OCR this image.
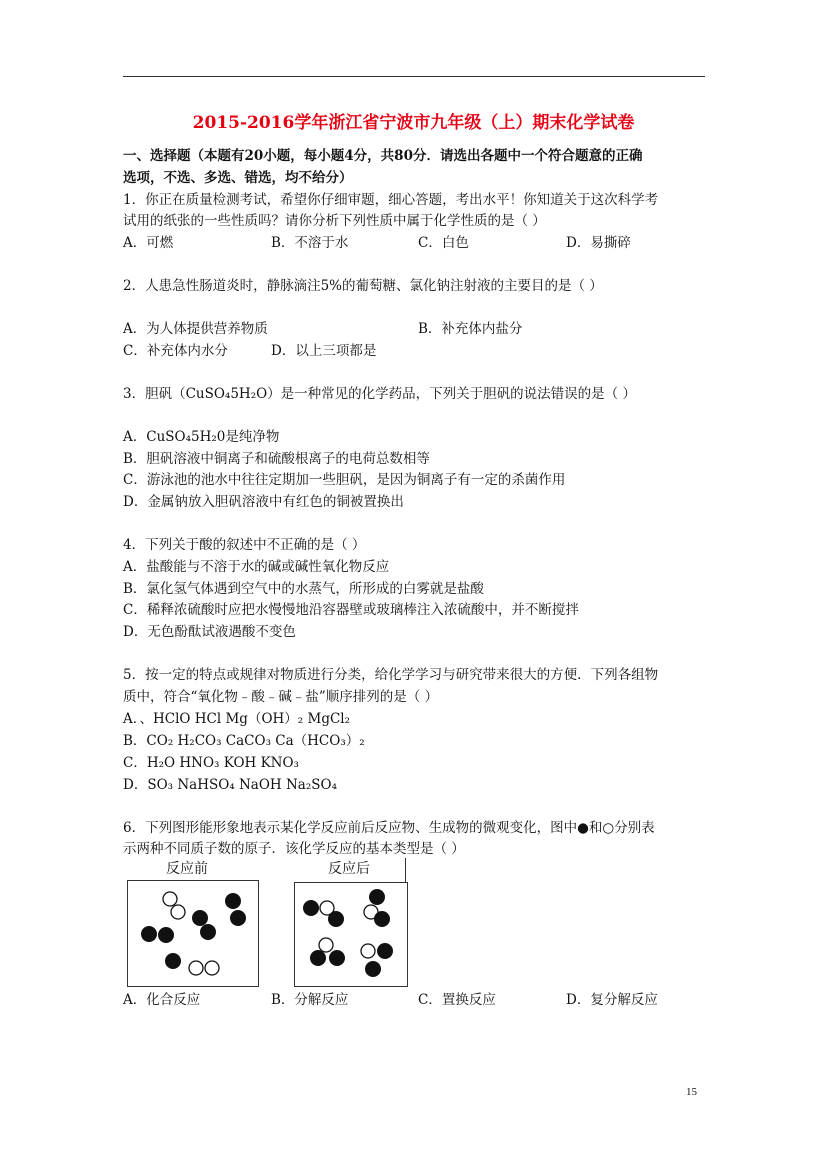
2015-2016学年浙江省宁波市九年级（上）期末化学试卷
一、选择题（本题有20小题，每小题4分，共80分．请选出各题中一个符合题意的正确
选项，不选、多选、错选，均不给分）
1．你正在质量检测考试，希望你仔细审题，细心答题，考出水平！你知道关于这次科学考
试用的纸张的一些性质吗？请你分析下列性质中属于化学性质的是（ ）
A．可燃	B．不溶于水	C．白色	D．易撕碎
2．人患急性肠道炎时，静脉滴注5%的葡萄糖、氯化钠注射液的主要目的是（ ）
A．为人体提供营养物质	B．补充体内盐分
C．补充体内水分	D．以上三项都是
3．胆矾（CuSO₄5H₂O）是一种常见的化学药品，下列关于胆矾的说法错误的是（ ）
A．CuSO₄5H₂0是纯净物
B．胆矾溶液中铜离子和硫酸根离子的电荷总数相等
C．游泳池的池水中往往定期加一些胆矾，是因为铜离子有一定的杀菌作用
D．金属钠放入胆矾溶液中有红色的铜被置换出
4．下列关于酸的叙述中不正确的是（ ）
A．盐酸能与不溶于水的碱或碱性氧化物反应
B．氯化氢气体遇到空气中的水蒸气，所形成的白雾就是盐酸
C．稀释浓硫酸时应把水慢慢地沿容器壁或玻璃棒注入浓硫酸中，并不断搅拌
D．无色酚酞试液遇酸不变色
5．按一定的特点或规律对物质进行分类，给化学学习与研究带来很大的方便．下列各组物
质中，符合“氧化物﹣酸﹣碱﹣盐”顺序排列的是（ ）
A．、HClO HCl Mg（OH）₂ MgCl₂
B．CO₂ H₂CO₃ CaCO₃ Ca（HCO₃）₂
C．H₂O HNO₃ KOH KNO₃
D．SO₃ NaHSO₄ NaOH Na₂SO₄
6．下列图形能形象地表示某化学反应前后反应物、生成物的微观变化，图中●和○分别表
示两种不同质子数的原子．该化学反应的基本类型是（ ）
反应前	反应后
A．化合反应	B．分解反应	C．置换反应	D．复分解反应
15
